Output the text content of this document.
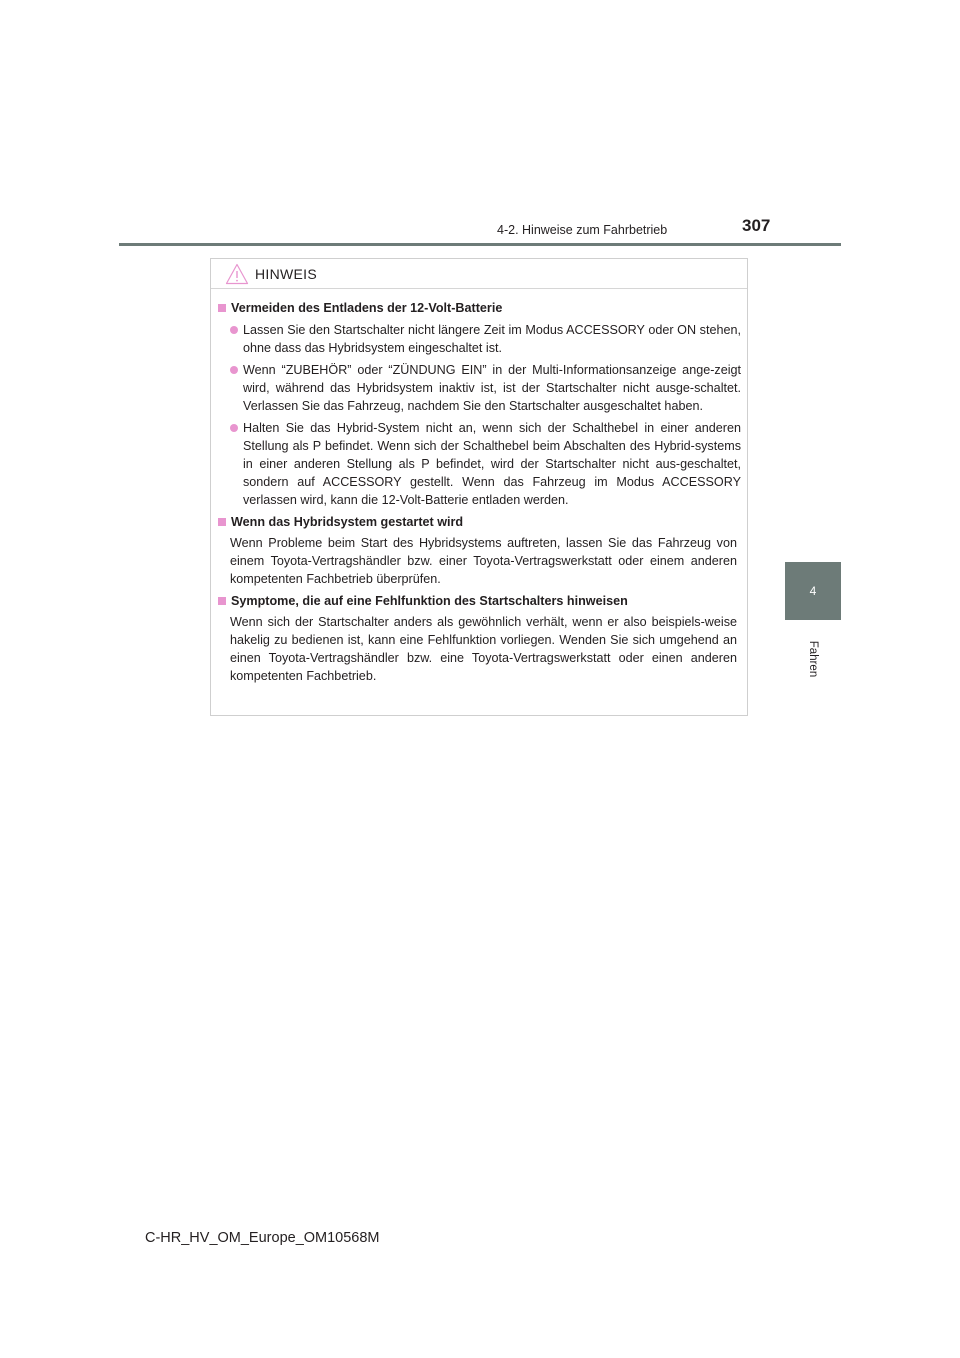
4-2. Hinweise zum Fahrbetrieb	307
4
Fahren
HINWEIS
Vermeiden des Entladens der 12-Volt-Batterie
Lassen Sie den Startschalter nicht längere Zeit im Modus ACCESSORY oder ON stehen, ohne dass das Hybridsystem eingeschaltet ist.
Wenn “ZUBEHÖR” oder “ZÜNDUNG EIN” in der Multi-Informationsanzeige ange-zeigt wird, während das Hybridsystem inaktiv ist, ist der Startschalter nicht ausge-schaltet. Verlassen Sie das Fahrzeug, nachdem Sie den Startschalter ausgeschaltet haben.
Halten Sie das Hybrid-System nicht an, wenn sich der Schalthebel in einer anderen Stellung als P befindet. Wenn sich der Schalthebel beim Abschalten des Hybrid-systems in einer anderen Stellung als P befindet, wird der Startschalter nicht aus-geschaltet, sondern auf ACCESSORY gestellt. Wenn das Fahrzeug im Modus ACCESSORY verlassen wird, kann die 12-Volt-Batterie entladen werden.
Wenn das Hybridsystem gestartet wird
Wenn Probleme beim Start des Hybridsystems auftreten, lassen Sie das Fahrzeug von einem Toyota-Vertragshändler bzw. einer Toyota-Vertragswerkstatt oder einem anderen kompetenten Fachbetrieb überprüfen.
Symptome, die auf eine Fehlfunktion des Startschalters hinweisen
Wenn sich der Startschalter anders als gewöhnlich verhält, wenn er also beispiels-weise hakelig zu bedienen ist, kann eine Fehlfunktion vorliegen. Wenden Sie sich umgehend an einen Toyota-Vertragshändler bzw. eine Toyota-Vertragswerkstatt oder einen anderen kompetenten Fachbetrieb.
C-HR_HV_OM_Europe_OM10568M
